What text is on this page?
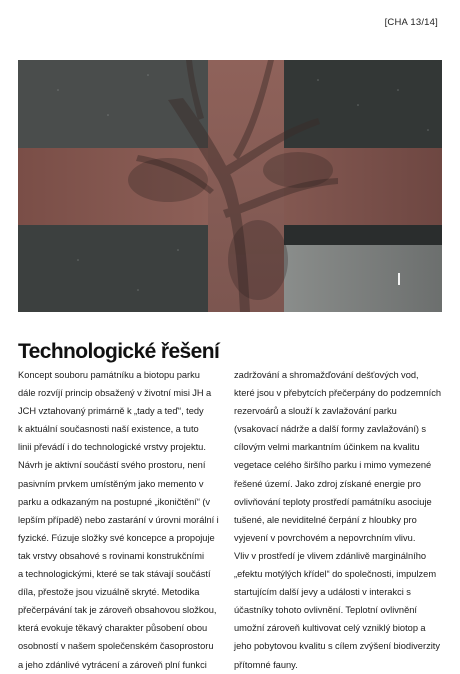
[CHA 13/14]
Technologické řešení
Koncept souboru památníku a biotopu parku
dále rozvíjí princip obsažený v životní misi JH a
JCH vztahovaný primárně k „tady a teď“, tedy
k aktuální současnosti naší existence, a tuto
linii převádí i do technologické vrstvy projektu.
Návrh je aktivní součástí svého prostoru, není
pasivním prvkem umístěným jako memento v
parku a odkazaným na postupné „ikoničtění“ (v
lepším případě) nebo zastarání v úrovni morální i
fyzické. Fúzuje složky své koncepce a propojuje
tak vrstvy obsahové s rovinami konstrukčními
a technologickými, které se tak stávají součástí
díla, přestože jsou vizuálně skryté. Metodika
přečerpávání tak je zároveň obsahovou složkou,
která evokuje těkavý charakter působení obou
osobností v našem společenském časoprostoru
a jeho zdánlivé vytrácení a zároveň plní funkci
zadržování a shromažďování dešťových vod,
které jsou v přebytcích přečerpány do podzemních
rezervoárů a slouží k zavlažování parku
(vsakovací nádrže a další formy zavlažování) s
cílovým velmi markantním účinkem na kvalitu
vegetace celého širšího parku i mimo vymezené
řešené území. Jako zdroj získané energie pro
ovlivňování teploty prostředí památníku asociuje
tušené, ale neviditelné čerpání z hloubky pro
vyjevení v povrchovém a nepovrchním vlivu.
Vliv v prostředí je vlivem zdánlivě marginálního
„efektu motýlých křídel“ do společnosti, impulzem
startujícím další jevy a události v interakci s
účastníky tohoto ovlivnění. Teplotní ovlivnění
umožní zároveň kultivovat celý vzniklý biotop a
jeho pobytovou kvalitu s cílem zvýšení biodiverzity
přítomné fauny.
